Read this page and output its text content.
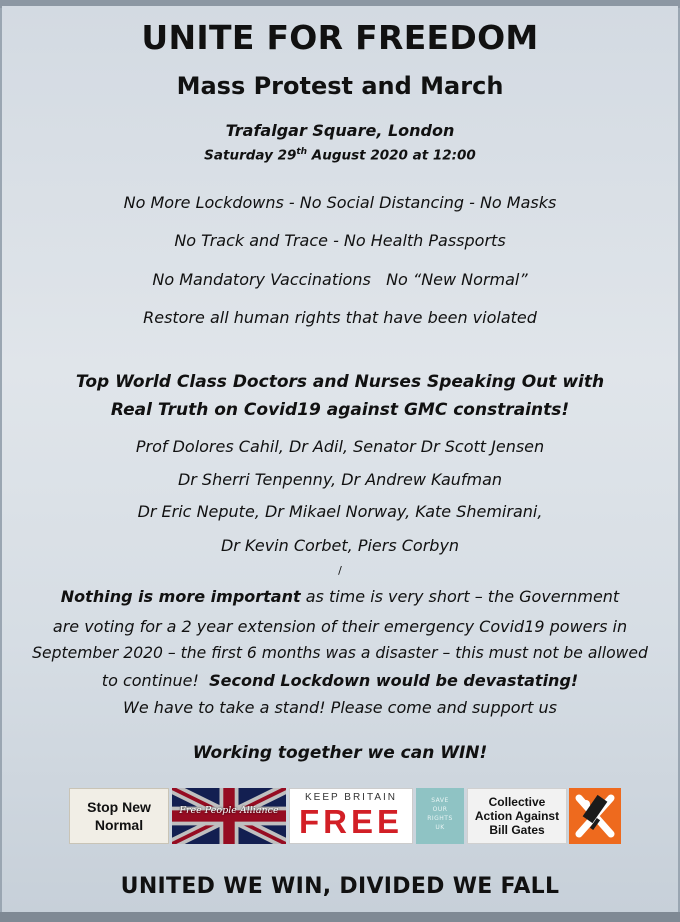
UNITE FOR FREEDOM
Mass Protest and March
Trafalgar Square, London
Saturday 29th August 2020 at 12:00
No More Lockdowns - No Social Distancing - No Masks
No Track and Trace - No Health Passports
No Mandatory Vaccinations   No “New Normal”
Restore all human rights that have been violated
Top World Class Doctors and Nurses Speaking Out with
Real Truth on Covid19 against GMC constraints!
Prof Dolores Cahil, Dr Adil, Senator Dr Scott Jensen
Dr Sherri Tenpenny, Dr Andrew Kaufman
Dr Eric Nepute, Dr Mikael Norway, Kate Shemirani,
Dr Kevin Corbet, Piers Corbyn
/
Nothing is more important as time is very short – the Government
are voting for a 2 year extension of their emergency Covid19 powers in
September 2020 – the first 6 months was a disaster – this must not be allowed
to continue!  Second Lockdown would be devastating!
We have to take a stand! Please come and support us
Working together we can WIN!
Stop New
Normal
Free People Alliance
KEEP BRITAIN
FREE
SAVE
OUR
RIGHTS
UK
Collective Action Against Bill Gates
UNITED WE WIN, DIVIDED WE FALL
